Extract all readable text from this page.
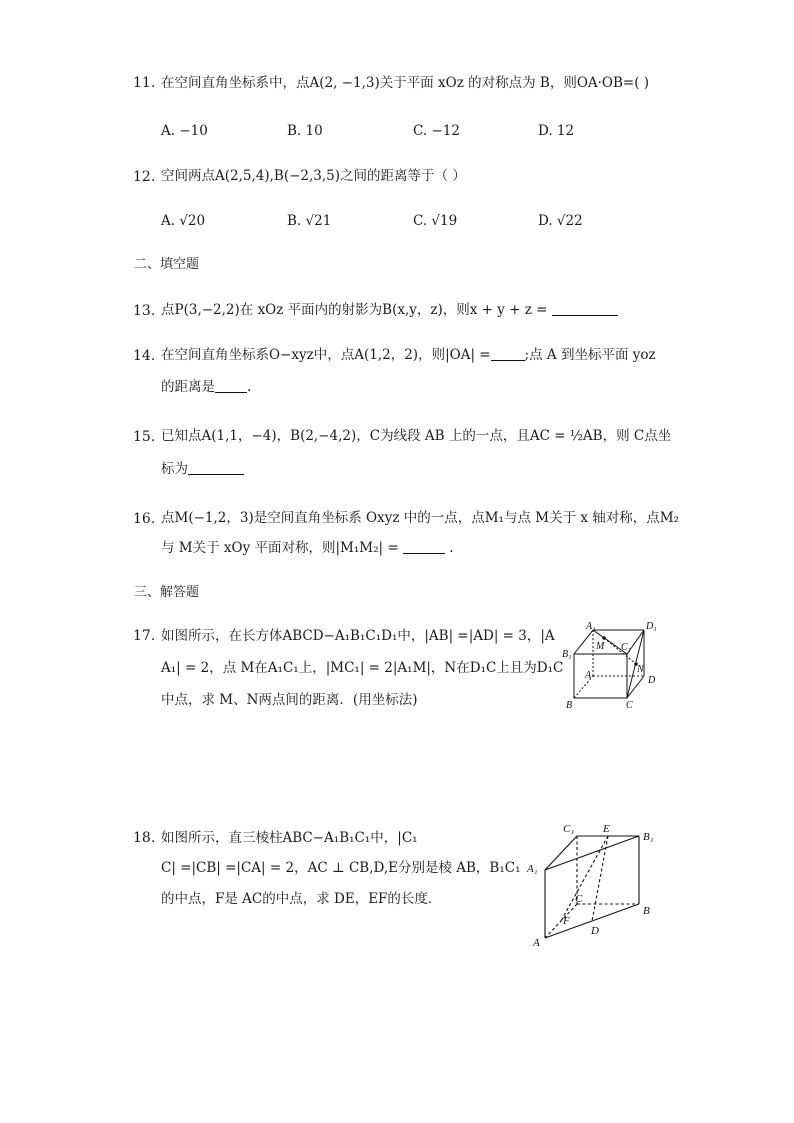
11. 在空间直角坐标系中，点A(2, −1,3)关于平面 xOz 的对称点为 B，则OA·OB=( )
A. −10	B. 10	C. −12	D. 12
12. 空间两点A(2,5,4),B(−2,3,5)之间的距离等于（ ）
A. √20	B. √21	C. √19	D. √22
二、填空题
13. 点P(3,−2,2)在 xOz 平面内的射影为B(x,y，z)，则x + y + z =
14. 在空间直角坐标系O−xyz中，点A(1,2，2)，则|OA| =	;点 A 到坐标平面 yoz
的距离是 .
15. 已知点A(1,1，−4)，B(2,−4,2)，C为线段 AB 上的一点，且AC = ½AB，则 C点坐
标为
16. 点M(−1,2，3)是空间直角坐标系 Oxyz 中的一点，点M₁与点 M关于 x 轴对称，点M₂
与 M关于 xOy 平面对称，则|M₁M₂| =	.
三、解答题
17. 如图所示，在长方体ABCD−A₁B₁C₁D₁中，|AB| =|AD| = 3，|A
A₁| = 2，点 M在A₁C₁上，|MC₁| = 2|A₁M|，N在D₁C上且为D₁C
中点，求 M、N两点间的距离．(用坐标法)
A₁	D₁
B₁
C₁
M
N
A	D
B	C
18. 如图所示，直三棱柱ABC−A₁B₁C₁中，|C₁
C| =|CB| =|CA| = 2，AC ⊥ CB,D,E分别是棱 AB，B₁C₁
的中点，F是 AC的中点，求 DE，EF的长度．
C₁	E
B₁
A₁
C
F
B
A
D
